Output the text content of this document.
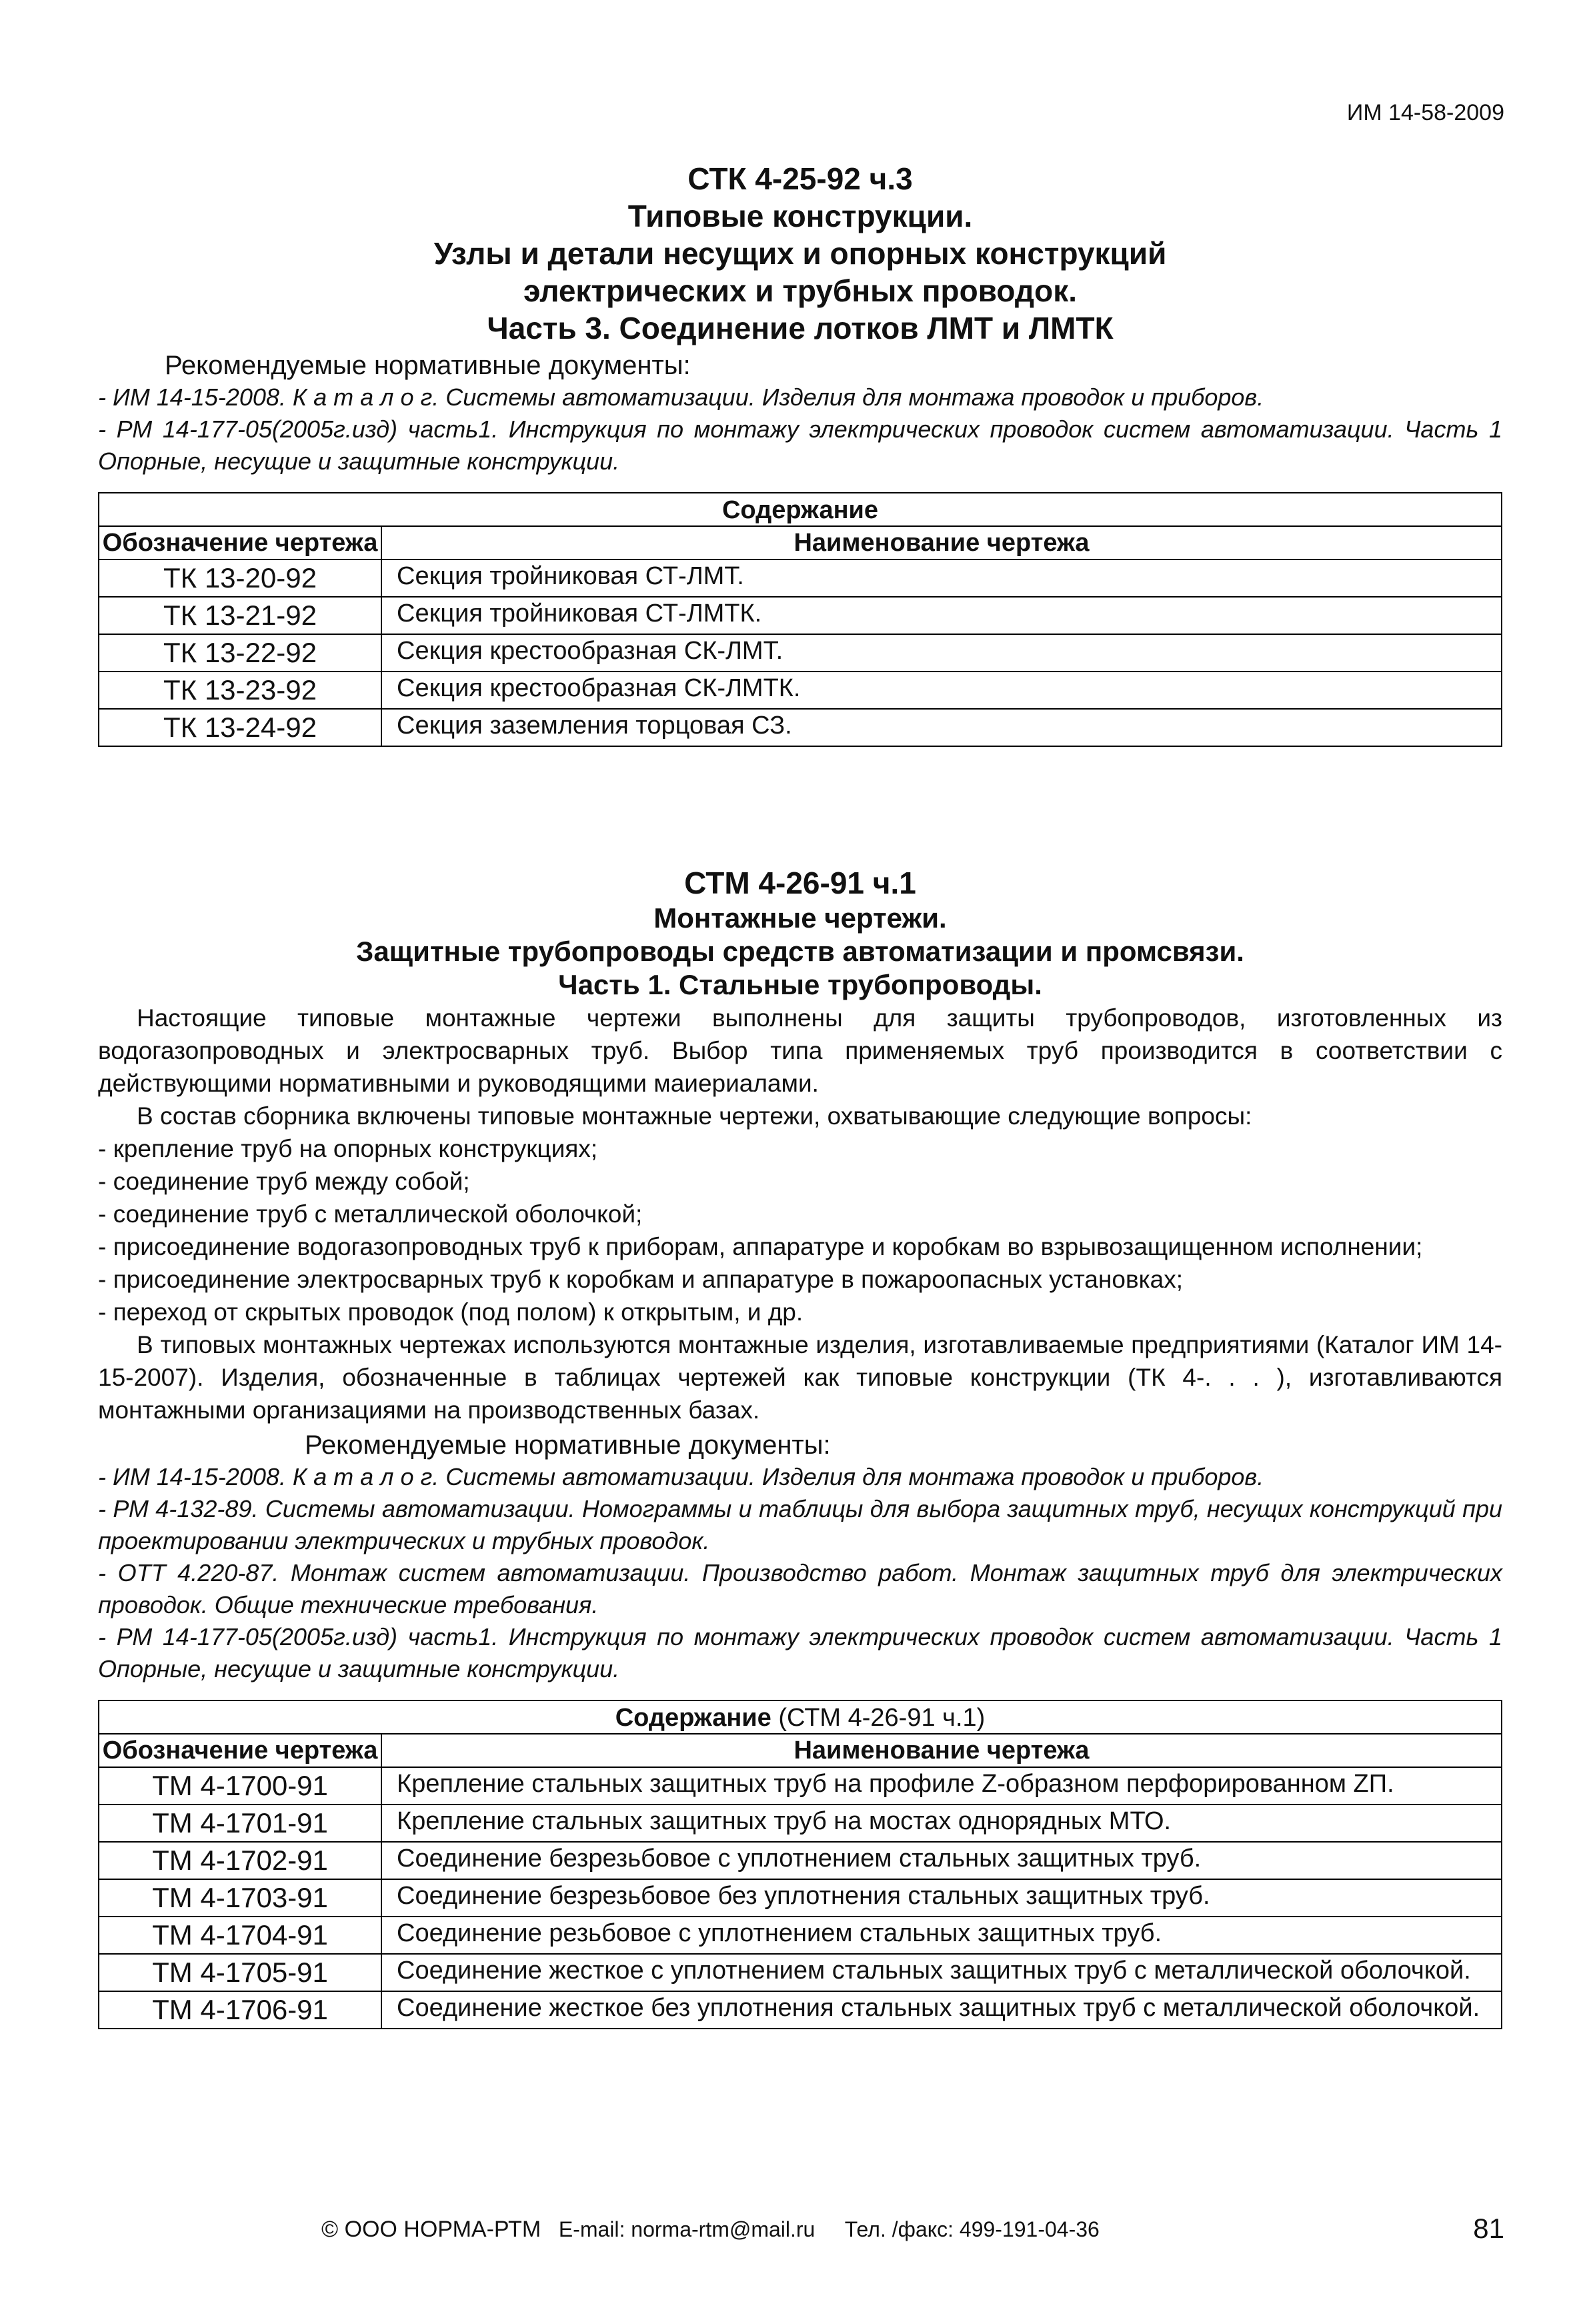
ИМ 14-58-2009
СТК 4-25-92 ч.3
Типовые конструкции.
Узлы и детали несущих и опорных конструкций
электрических и трубных проводок.
Часть 3. Соединение лотков ЛМТ и ЛМТК
Рекомендуемые нормативные документы:
- ИМ 14-15-2008. К а т а л о г. Системы автоматизации. Изделия для монтажа проводок и приборов.
- РМ 14-177-05(2005г.изд) часть1. Инструкция по монтажу электрических проводок систем автоматизации. Часть 1 Опорные, несущие и защитные конструкции.
Содержание	
Обозначение чертежа	Наименование чертежа
ТК 13-20-92	Секция тройниковая СТ-ЛМТ.
ТК 13-21-92	Секция тройниковая СТ-ЛМТК.
ТК 13-22-92	Секция крестообразная СК-ЛМТ.
ТК 13-23-92	Секция крестообразная СК-ЛМТК.
ТК 13-24-92	Секция заземления торцовая СЗ.
СТМ 4-26-91 ч.1
Монтажные чертежи.
Защитные трубопроводы средств автоматизации и промсвязи.
Часть 1. Стальные трубопроводы.
Настоящие типовые монтажные чертежи выполнены для защиты трубопроводов, изготовленных из водогазопроводных и электросварных труб. Выбор типа применяемых труб производится в соответствии с действующими нормативными и руководящими маиериалами.
В состав сборника включены типовые монтажные чертежи, охватывающие следующие вопросы:
- крепление труб на опорных конструкциях;
- соединение труб между собой;
- соединение труб с металлической оболочкой;
- присоединение водогазопроводных труб к приборам, аппаратуре и коробкам во взрывозащищенном исполнении;
- присоединение электросварных труб к коробкам и аппаратуре в пожароопасных установках;
- переход от скрытых проводок (под полом) к открытым, и др.
В типовых монтажных чертежах используются монтажные изделия, изготавливаемые предприятиями (Каталог ИМ 14-15-2007). Изделия, обозначенные в таблицах чертежей как типовые конструкции (ТК 4-. . . ), изготавливаются монтажными организациями на производственных базах.
Рекомендуемые нормативные документы:
- ИМ 14-15-2008. К а т а л о г. Системы автоматизации. Изделия для монтажа проводок и приборов.
- РМ 4-132-89. Системы автоматизации. Номограммы и таблицы для выбора защитных труб, несущих конструкций при проектировании электрических и трубных проводок.
- ОТТ 4.220-87. Монтаж систем автоматизации. Производство работ. Монтаж защитных труб для электрических проводок. Общие технические требования.
- РМ 14-177-05(2005г.изд) часть1. Инструкция по монтажу электрических проводок систем автоматизации. Часть 1 Опорные, несущие и защитные конструкции.
Содержание (СТМ 4-26-91 ч.1)	
Обозначение чертежа	Наименование чертежа
ТМ 4-1700-91	Крепление стальных защитных труб на профиле Z-образном перфорированном ZП.
ТМ 4-1701-91	Крепление стальных защитных труб на мостах однорядных МТО.
ТМ 4-1702-91	Соединение безрезьбовое с уплотнением стальных защитных труб.
ТМ 4-1703-91	Соединение безрезьбовое без уплотнения стальных защитных труб.
ТМ 4-1704-91	Соединение резьбовое с уплотнением стальных защитных труб.
ТМ 4-1705-91	Соединение жесткое с уплотнением стальных защитных труб с металлической оболочкой.
ТМ 4-1706-91	Соединение жесткое без уплотнения стальных защитных труб с металлической оболочкой.
© ООО НОРМА-РТМ E-mail: norma-rtm@mail.ru Тел. /факс: 499-191-04-36	81
